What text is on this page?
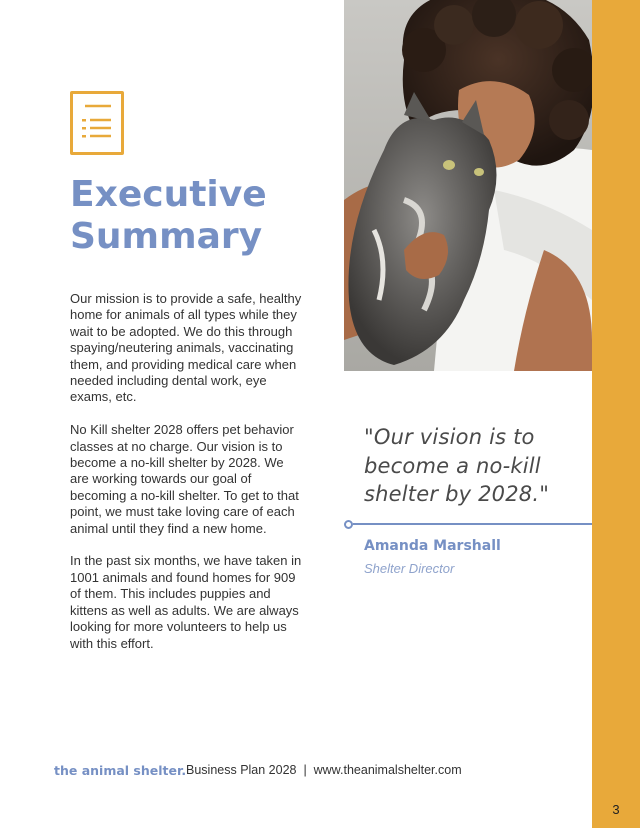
3
Executive
Summary

Our mission is to provide a safe, healthy home for animals of all types while they wait to be adopted. We do this through spaying/neutering animals, vaccinating them, and providing medical care when needed including dental work, eye exams, etc.

No Kill shelter 2028 offers pet behavior classes at no charge. Our vision is to become a no-kill shelter by 2028. We are working towards our goal of becoming a no-kill shelter. To get to that point, we must take loving care of each animal until they find a new home.

In the past six months, we have taken in 1001 animals and found homes for 909 of them. This includes puppies and kittens as well as adults. We are always looking for more volunteers to help us with this effort.

"Our vision is to become a no-kill shelter by 2028."
Amanda Marshall
Shelter Director
the animal shelter. Business Plan 2028  |  www.theanimalshelter.com
